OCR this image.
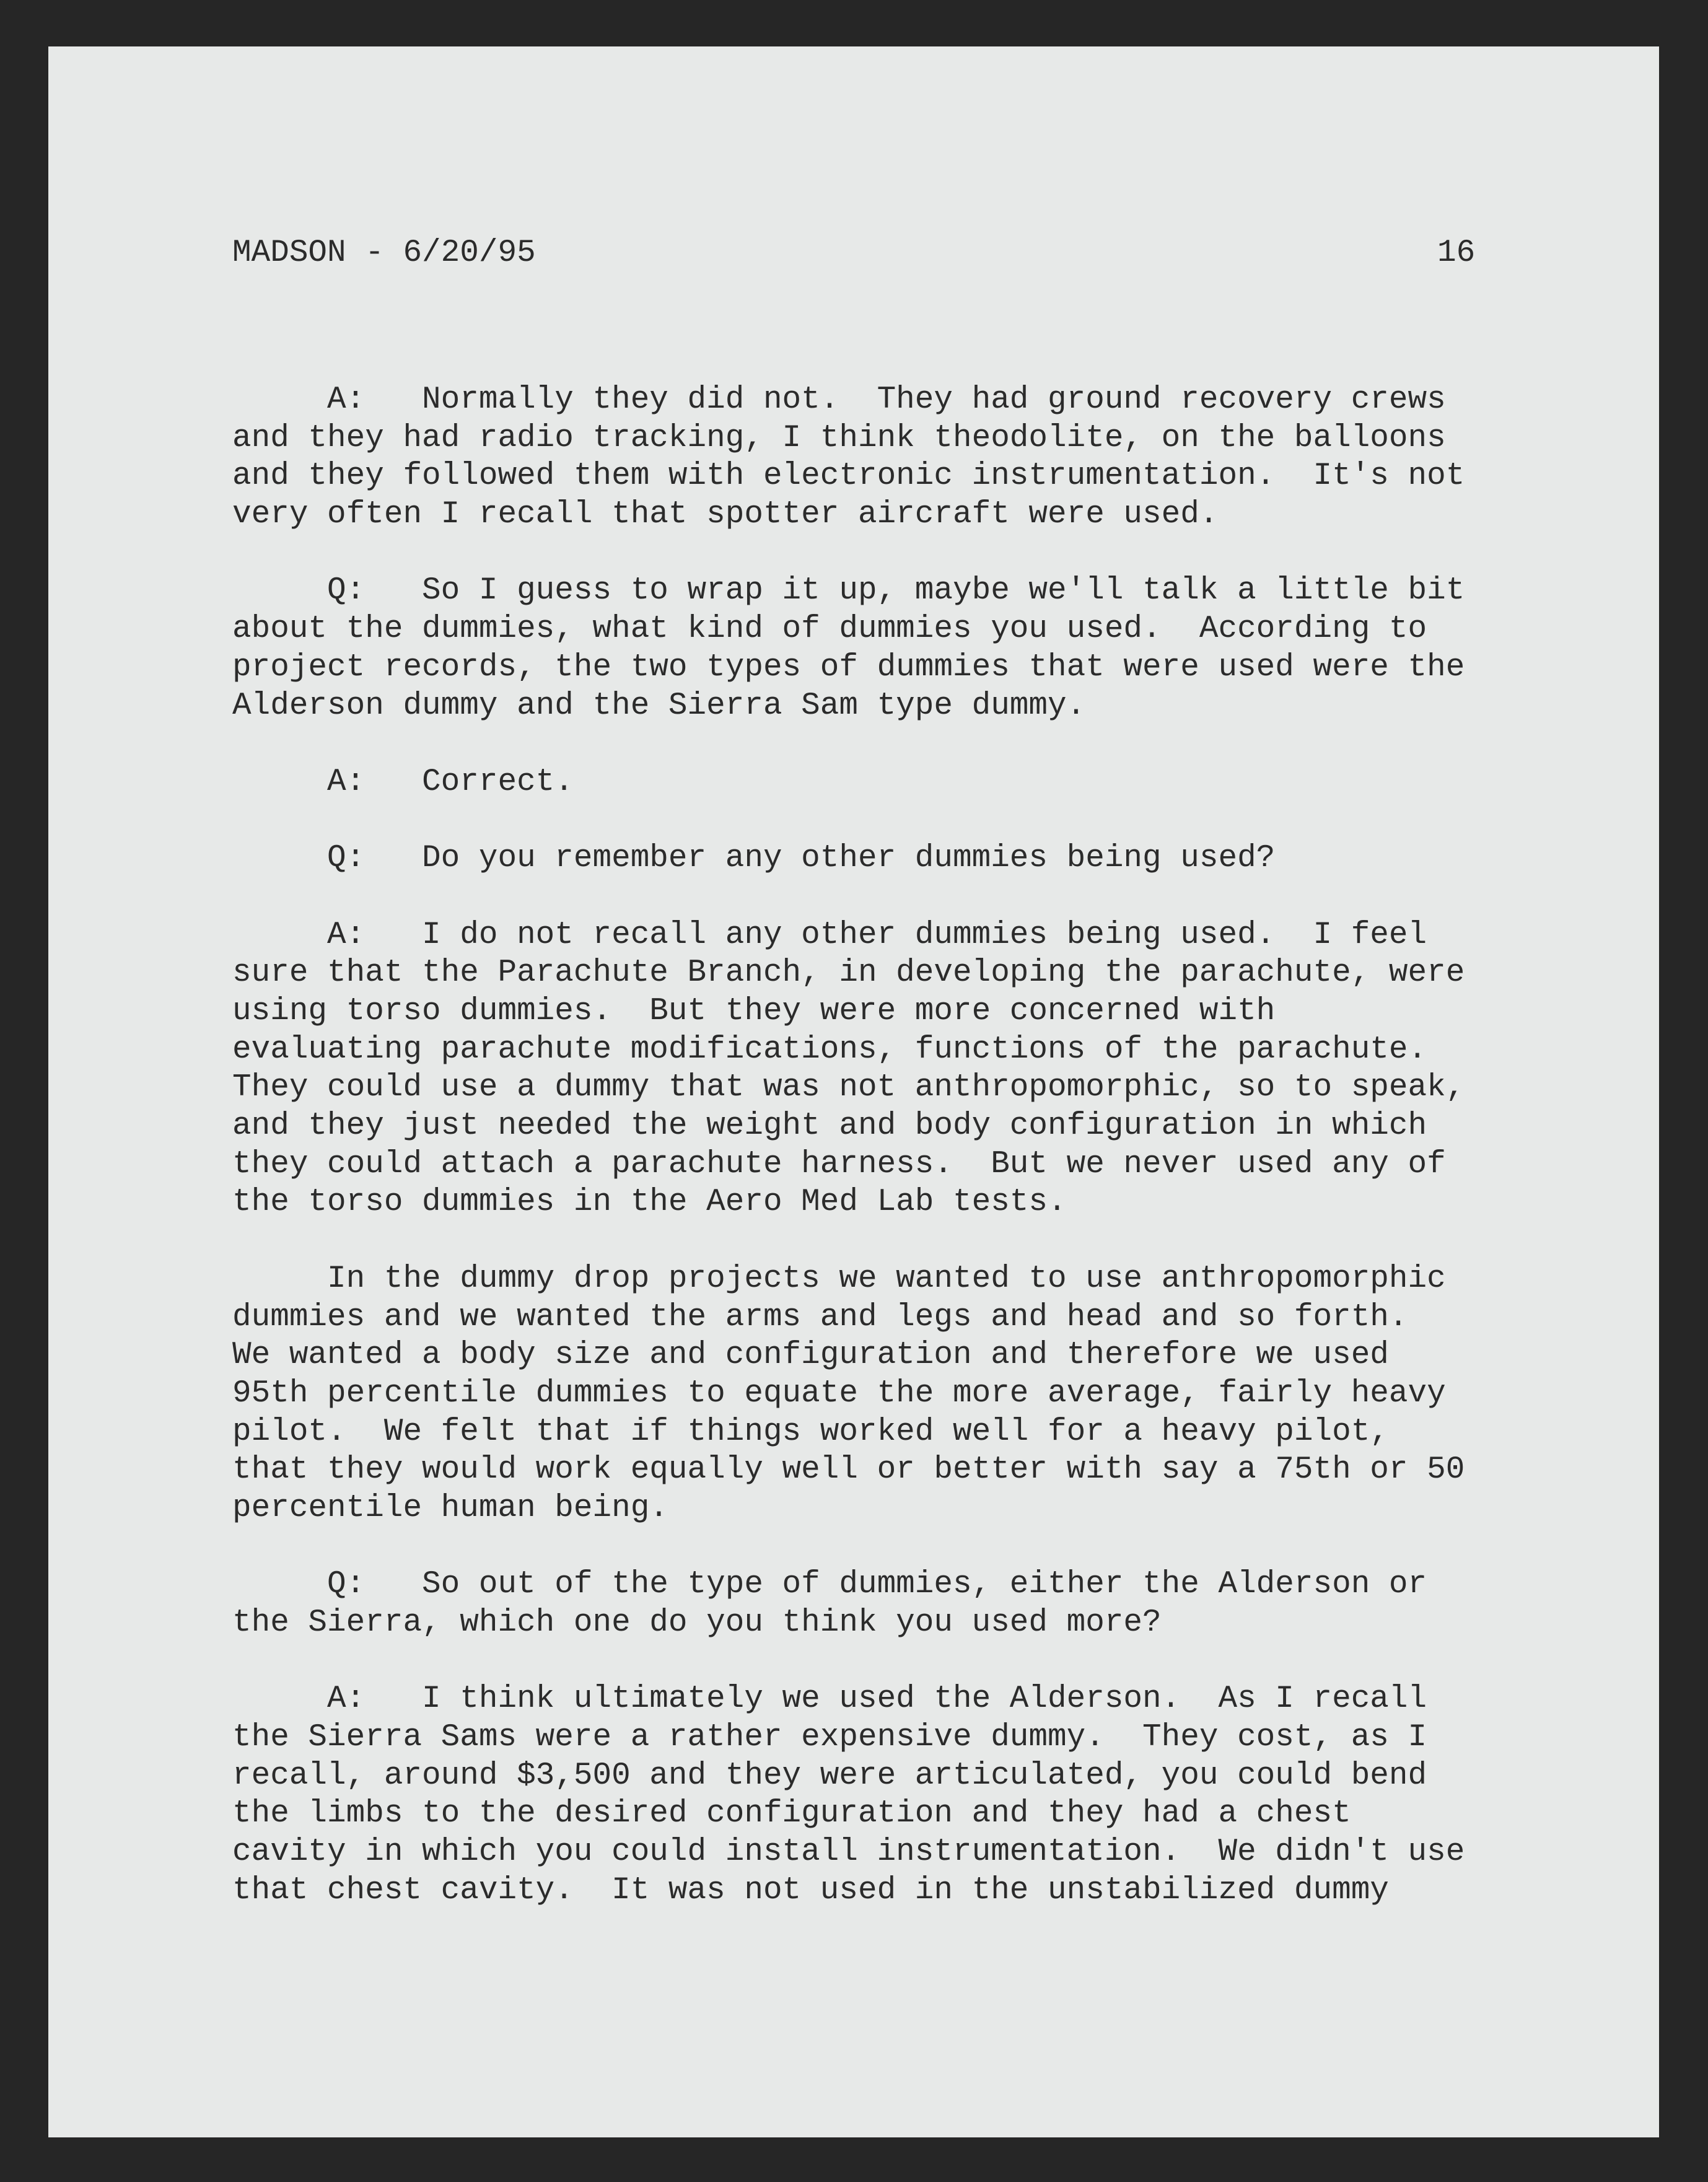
MADSON - 6/20/95	16

A:   Normally they did not.  They had ground recovery crews
and they had radio tracking, I think theodolite, on the balloons
and they followed them with electronic instrumentation.  It's not
very often I recall that spotter aircraft were used.

Q:   So I guess to wrap it up, maybe we'll talk a little bit
about the dummies, what kind of dummies you used.  According to
project records, the two types of dummies that were used were the
Alderson dummy and the Sierra Sam type dummy.

A:   Correct.

Q:   Do you remember any other dummies being used?

A:   I do not recall any other dummies being used.  I feel
sure that the Parachute Branch, in developing the parachute, were
using torso dummies.  But they were more concerned with
evaluating parachute modifications, functions of the parachute.
They could use a dummy that was not anthropomorphic, so to speak,
and they just needed the weight and body configuration in which
they could attach a parachute harness.  But we never used any of
the torso dummies in the Aero Med Lab tests.

In the dummy drop projects we wanted to use anthropomorphic
dummies and we wanted the arms and legs and head and so forth.
We wanted a body size and configuration and therefore we used
95th percentile dummies to equate the more average, fairly heavy
pilot.  We felt that if things worked well for a heavy pilot,
that they would work equally well or better with say a 75th or 50
percentile human being.

Q:   So out of the type of dummies, either the Alderson or
the Sierra, which one do you think you used more?

A:   I think ultimately we used the Alderson.  As I recall
the Sierra Sams were a rather expensive dummy.  They cost, as I
recall, around $3,500 and they were articulated, you could bend
the limbs to the desired configuration and they had a chest
cavity in which you could install instrumentation.  We didn't use
that chest cavity.  It was not used in the unstabilized dummy
